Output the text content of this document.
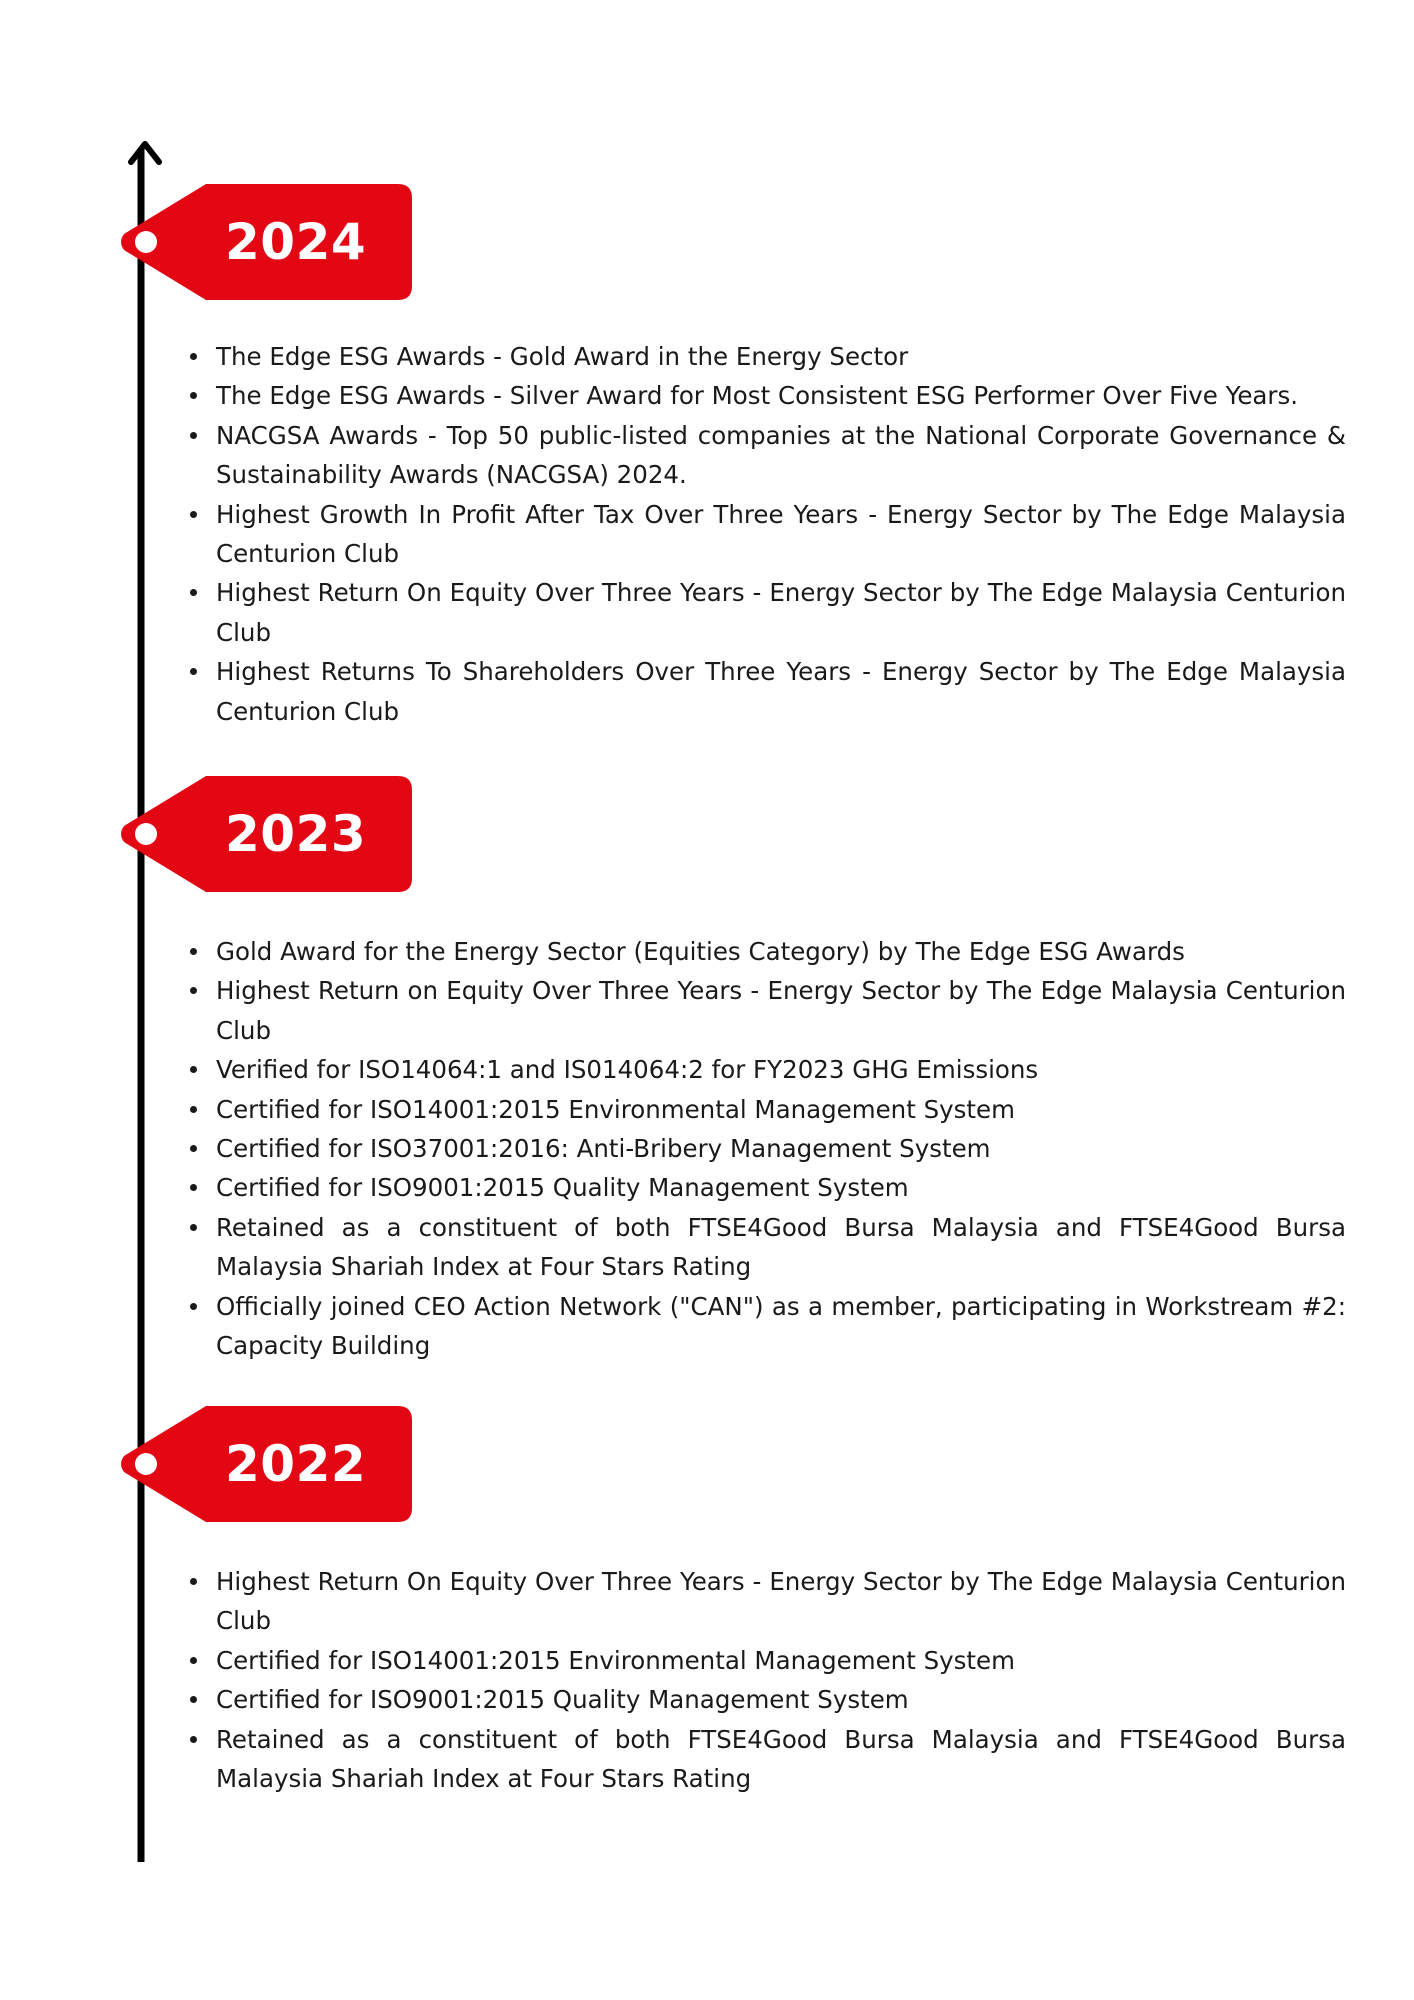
2024
The Edge ESG Awards - Gold Award in the Energy Sector
The Edge ESG Awards - Silver Award for Most Consistent ESG Performer Over Five Years.
NACGSA Awards - Top 50 public-listed companies at the National Corporate Governance & Sustainability Awards (NACGSA) 2024.
Highest Growth In Profit After Tax Over Three Years - Energy Sector by The Edge Malaysia Centurion Club
Highest Return On Equity Over Three Years - Energy Sector by The Edge Malaysia Centurion Club
Highest Returns To Shareholders Over Three Years - Energy Sector by The Edge Malaysia Centurion Club
2023
Gold Award for the Energy Sector (Equities Category) by The Edge ESG Awards
Highest Return on Equity Over Three Years - Energy Sector by The Edge Malaysia Centurion Club
Verified for ISO14064:1 and IS014064:2 for FY2023 GHG Emissions
Certified for ISO14001:2015 Environmental Management System
Certified for ISO37001:2016: Anti-Bribery Management System
Certified for ISO9001:2015 Quality Management System
Retained as a constituent of both FTSE4Good Bursa Malaysia and FTSE4Good Bursa Malaysia Shariah Index at Four Stars Rating
Officially joined CEO Action Network ("CAN") as a member, participating in Workstream #2: Capacity Building
2022
Highest Return On Equity Over Three Years - Energy Sector by The Edge Malaysia Centurion Club
Certified for ISO14001:2015 Environmental Management System
Certified for ISO9001:2015 Quality Management System
Retained as a constituent of both FTSE4Good Bursa Malaysia and FTSE4Good Bursa Malaysia Shariah Index at Four Stars Rating
